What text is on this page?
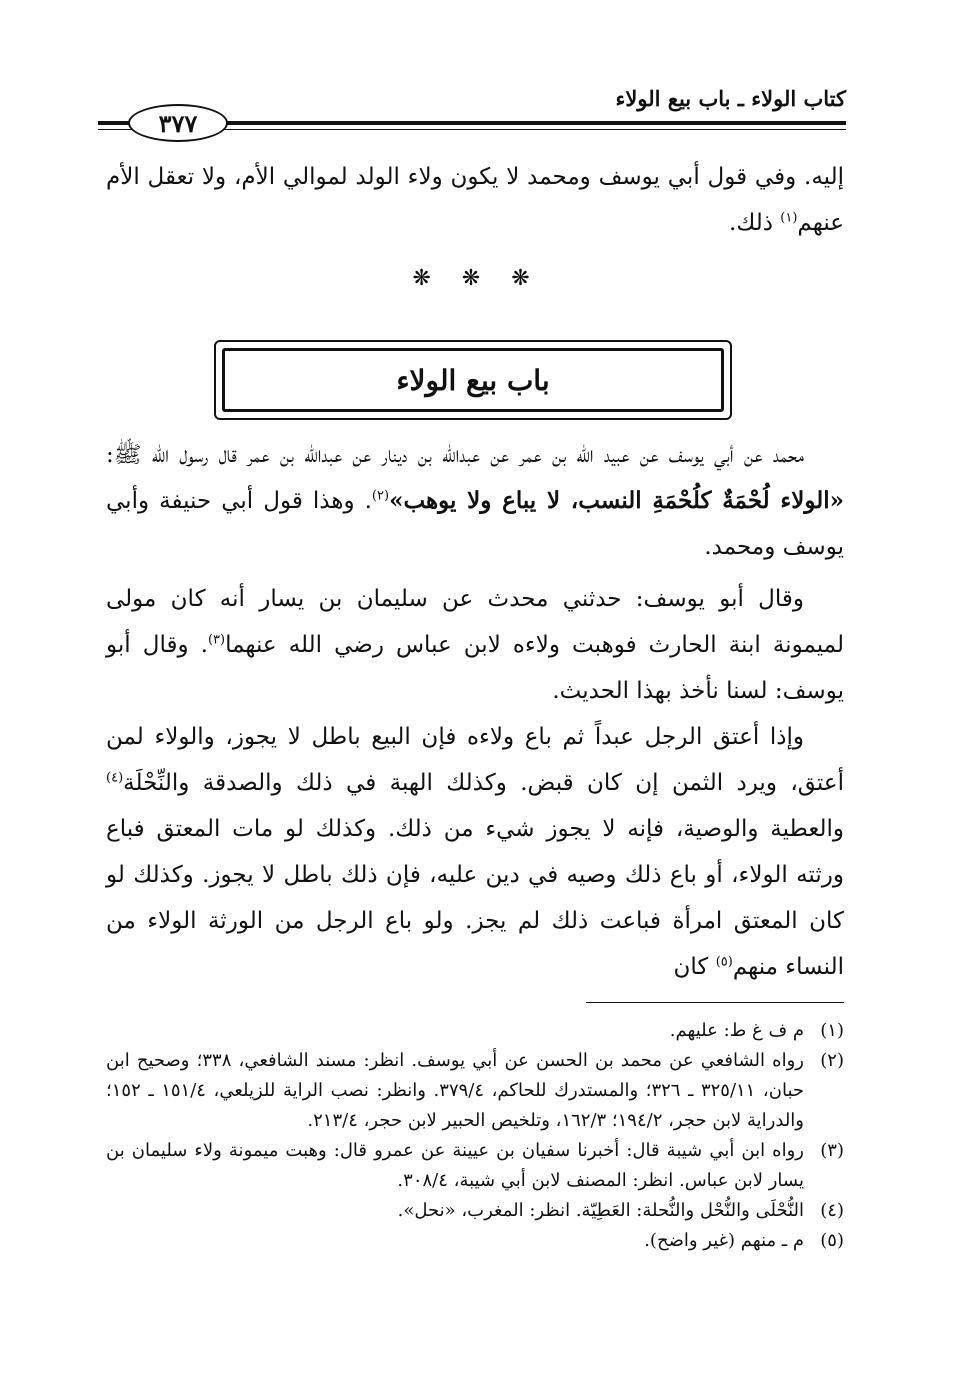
كتاب الولاء ـ باب بيع الولاء
٣٧٧

إليه. وفي قول أبي يوسف ومحمد لا يكون ولاء الولد لموالي الأم، ولا تعقل الأم عنهم$^{(١)}$ ذلك.

❋ ❋ ❋
باب بيع الولاء

محمد عن أبي يوسف عن عبيد الله بن عمر عن عبدالله بن دينار عن عبدالله بن عمر قال رسول الله ﷺ: «الولاء لُحْمَةٌ كلُحْمَةِ النسب، لا يباع ولا يوهب»$^{(٢)}$. وهذا قول أبي حنيفة وأبي يوسف ومحمد.

وقال أبو يوسف: حدثني محدث عن سليمان بن يسار أنه كان مولى لميمونة ابنة الحارث فوهبت ولاءه لابن عباس رضي الله عنهما$^{(٣)}$. وقال أبو يوسف: لسنا نأخذ بهذا الحديث.

وإذا أعتق الرجل عبداً ثم باع ولاءه فإن البيع باطل لا يجوز، والولاء لمن أعتق، ويرد الثمن إن كان قبض. وكذلك الهبة في ذلك والصدقة والنِّحْلَة$^{(٤)}$ والعطية والوصية، فإنه لا يجوز شيء من ذلك. وكذلك لو مات المعتق فباع ورثته الولاء، أو باع ذلك وصيه في دين عليه، فإن ذلك باطل لا يجوز. وكذلك لو كان المعتق امرأة فباعت ذلك لم يجز. ولو باع الرجل من الورثة الولاء من النساء منهم$^{(٥)}$ كان

(١)
م ف غ ط: عليهم.
(٢)
رواه الشافعي عن محمد بن الحسن عن أبي يوسف. انظر: مسند الشافعي، ٣٣٨؛ وصحيح ابن حبان، ٣٢٥/١١ ـ ٣٢٦؛ والمستدرك للحاكم، ٣٧٩/٤. وانظر: نصب الراية للزيلعي، ١٥١/٤ ـ ١٥٢؛ والدراية لابن حجر، ١٩٤/٢؛ ١٦٢/٣، وتلخيص الحبير لابن حجر، ٢١٣/٤.
(٣)
رواه ابن أبي شيبة قال: أخبرنا سفيان بن عيينة عن عمرو قال: وهبت ميمونة ولاء سليمان بن يسار لابن عباس. انظر: المصنف لابن أبي شيبة، ٣٠٨/٤.
(٤)
النُّحْلَى والنُّحْل والنُّحلة: العَطِيّة. انظر: المغرب، «نحل».
(٥)
م ـ منهم (غير واضح).
